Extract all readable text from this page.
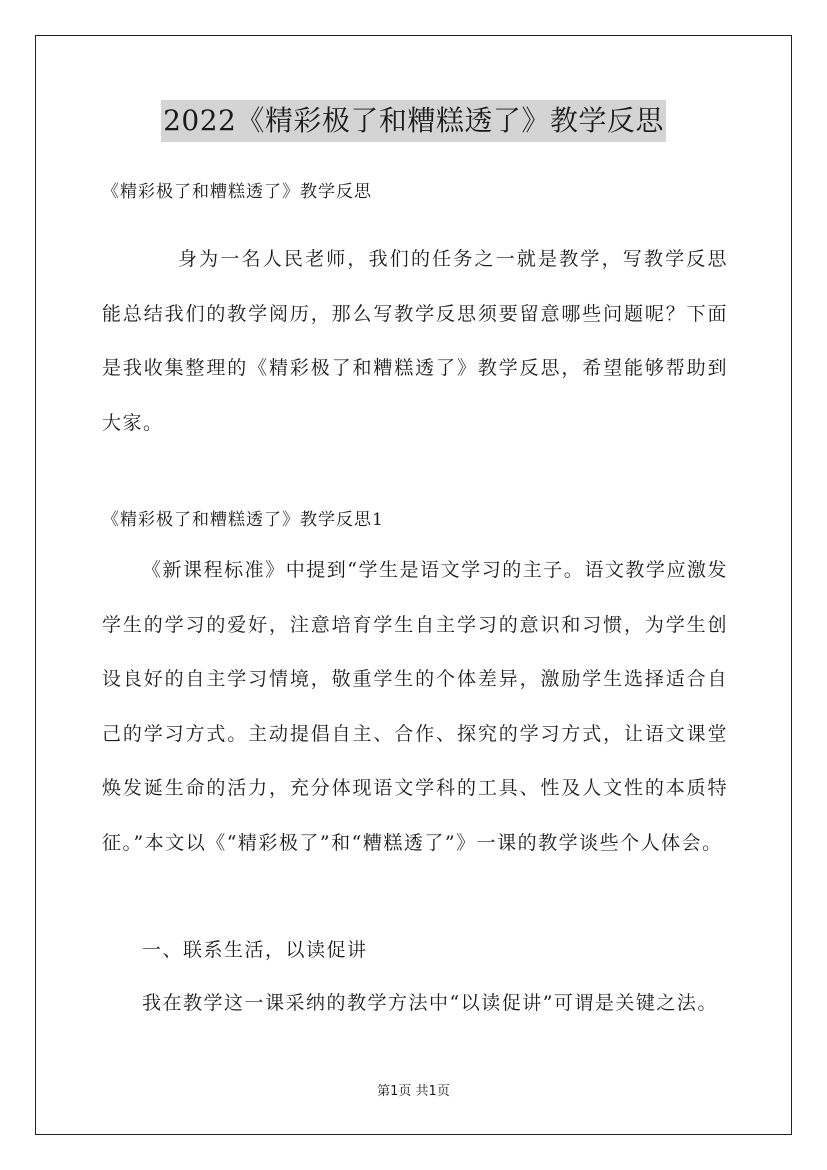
2022《精彩极了和糟糕透了》教学反思
《精彩极了和糟糕透了》教学反思

身为一名人民老师，我们的任务之一就是教学，写教学反思能总结我们的教学阅历，那么写教学反思须要留意哪些问题呢？下面是我收集整理的《精彩极了和糟糕透了》教学反思，希望能够帮助到大家。

《精彩极了和糟糕透了》教学反思1

《新课程标准》中提到“学生是语文学习的主子。语文教学应激发学生的学习的爱好，注意培育学生自主学习的意识和习惯，为学生创设良好的自主学习情境，敬重学生的个体差异，激励学生选择适合自己的学习方式。主动提倡自主、合作、探究的学习方式，让语文课堂焕发诞生命的活力，充分体现语文学科的工具、性及人文性的本质特征。”本文以《“精彩极了”和“糟糕透了”》一课的教学谈些个人体会。

一、联系生活，以读促讲
我在教学这一课采纳的教学方法中“以读促讲”可谓是关键之法。
第1页 共1页
